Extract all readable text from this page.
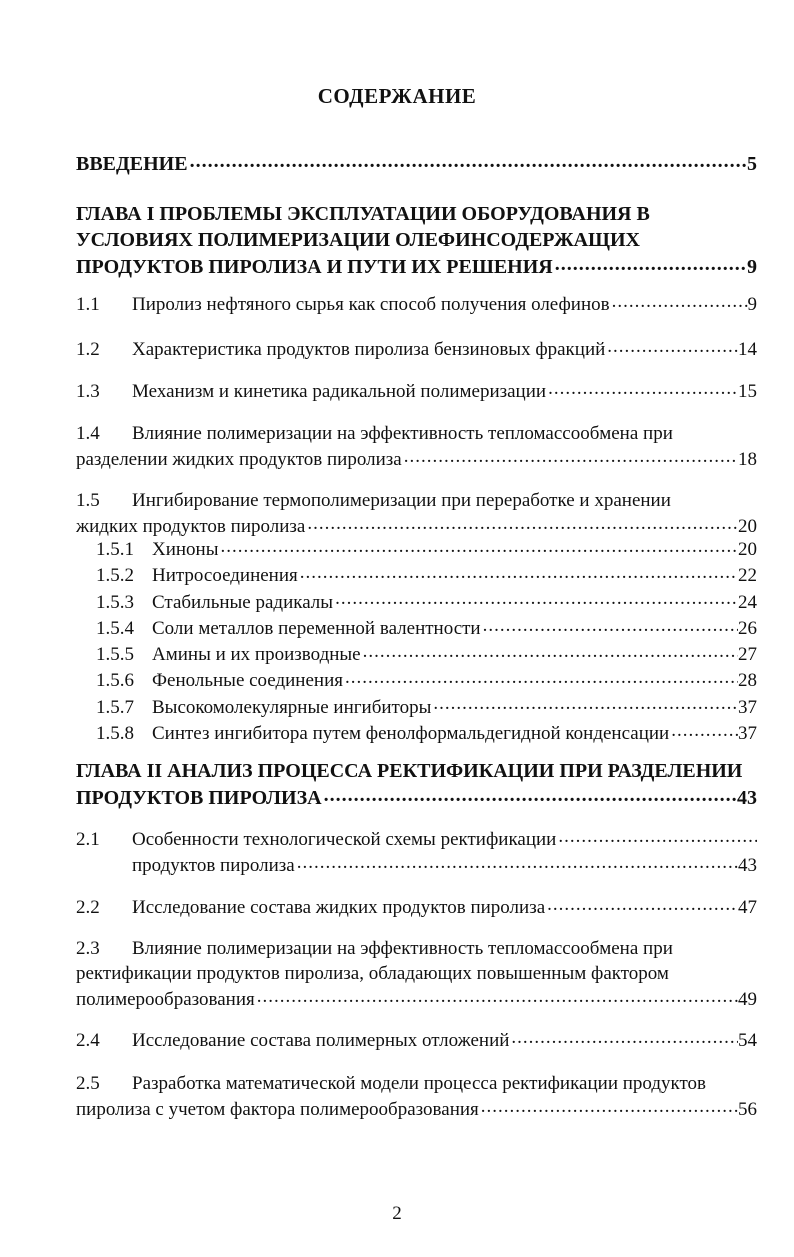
СОДЕРЖАНИЕ
ВВЕДЕНИЕ .....	5
ГЛАВА I ПРОБЛЕМЫ ЭКСПЛУАТАЦИИ ОБОРУДОВАНИЯ В
УСЛОВИЯХ ПОЛИМЕРИЗАЦИИ ОЛЕФИНСОДЕРЖАЩИХ
ПРОДУКТОВ ПИРОЛИЗА И ПУТИ ИХ РЕШЕНИЯ .....	9
1.1	Пиролиз нефтяного сырья как способ получения олефинов .....	9
1.2	Характеристика продуктов пиролиза бензиновых фракций .....	14
1.3	Механизм и кинетика радикальной полимеризации .....	15
1.4	Влияние полимеризации на эффективность тепломассообмена при
разделении жидких продуктов пиролиза .....	18
1.5	Ингибирование термополимеризации при переработке и хранении
жидких продуктов пиролиза .....	20
1.5.1 Хиноны .....	20
1.5.2 Нитросоединения .....	22
1.5.3 Стабильные радикалы .....	24
1.5.4 Соли металлов переменной валентности .....	26
1.5.5 Амины и их производные .....	27
1.5.6 Фенольные соединения .....	28
1.5.7 Высокомолекулярные ингибиторы .....	37
1.5.8 Синтез ингибитора путем фенолформальдегидной конденсации .....	37
ГЛАВА II АНАЛИЗ ПРОЦЕССА РЕКТИФИКАЦИИ ПРИ РАЗДЕЛЕНИИ
ПРОДУКТОВ ПИРОЛИЗА .....	43
2.1	Особенности технологической схемы ректификации
.....
продуктов пиролиза .....	43
2.2	Исследование состава жидких продуктов пиролиза .....	47
2.3	Влияние полимеризации на эффективность тепломассообмена при
ректификации продуктов пиролиза, обладающих повышенным фактором
полимерообразования .....	49
2.4	Исследование состава полимерных отложений .....	54
2.5	Разработка математической модели процесса ректификации продуктов
пиролиза с учетом фактора полимерообразования .....	56
2
